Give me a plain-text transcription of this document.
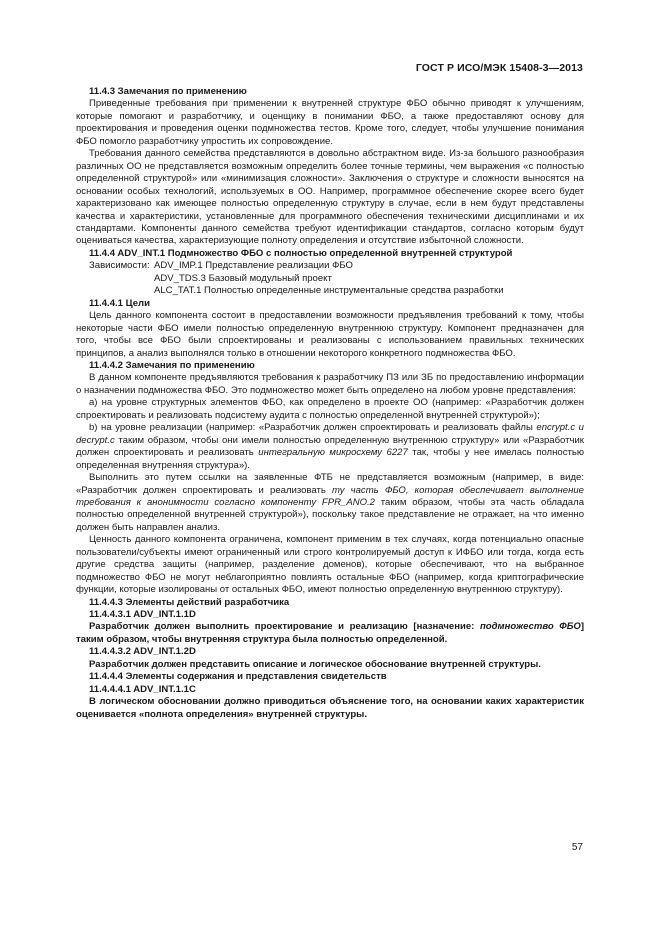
ГОСТ Р ИСО/МЭК 15408-3—2013

11.4.3 Замечания по применению

Приведенные требования при применении к внутренней структуре ФБО обычно приводят к улучшениям, которые помогают и разработчику, и оценщику в понимании ФБО, а также предоставляют основу для проектирования и проведения оценки подмножества тестов. Кроме того, следует, чтобы улучшение понимания ФБО помогло разработчику упростить их сопровождение.

Требования данного семейства представляются в довольно абстрактном виде. Из-за большого разнообразия различных ОО не представляется возможным определить более точные термины, чем выражения «с полностью определенной структурой» или «минимизация сложности». Заключения о структуре и сложности выносятся на основании особых технологий, используемых в ОО. Например, программное обеспечение скорее всего будет характеризовано как имеющее полностью определенную структуру в случае, если в нем будут представлены качества и характеристики, установленные для программного обеспечения техническими дисциплинами и их стандартами. Компоненты данного семейства требуют идентификации стандартов, согласно которым будут оцениваться качества, характеризующие полноту определения и отсутствие избыточной сложности.

11.4.4 ADV_INT.1 Подмножество ФБО с полностью определенной внутренней структурой

Зависимости: ADV_IMP.1 Представление реализации ФБО
ADV_TDS.3 Базовый модульный проект
ALC_TAT.1 Полностью определенные инструментальные средства разработки

11.4.4.1 Цели

Цель данного компонента состоит в предоставлении возможности предъявления требований к тому, чтобы некоторые части ФБО имели полностью определенную внутреннюю структуру. Компонент предназначен для того, чтобы все ФБО были спроектированы и реализованы с использованием правильных технических принципов, а анализ выполнялся только в отношении некоторого конкретного подмножества ФБО.

11.4.4.2 Замечания по применению

В данном компоненте предъявляются требования к разработчику ПЗ или ЗБ по предоставлению информации о назначении подмножества ФБО. Это подмножество может быть определено на любом уровне представления:

а) на уровне структурных элементов ФБО, как определено в проекте ОО (например: «Разработчик должен спроектировать и реализовать подсистему аудита с полностью определенной внутренней структурой»);

b) на уровне реализации (например: «Разработчик должен спроектировать и реализовать файлы encrypt.c и decrypt.c таким образом, чтобы они имели полностью определенную внутреннюю структуру» или «Разработчик должен спроектировать и реализовать интегральную микросхему 6227 так, чтобы у нее имелась полностью определенная внутренняя структура»).

Выполнить это путем ссылки на заявленные ФТБ не представляется возможным (например, в виде: «Разработчик должен спроектировать и реализовать ту часть ФБО, которая обеспечивает выполнение требования к анонимности согласно компоненту FPR_ANO.2 таким образом, чтобы эта часть обладала полностью определенной внутренней структурой»), поскольку такое представление не отражает, на что именно должен быть направлен анализ.

Ценность данного компонента ограничена, компонент применим в тех случаях, когда потенциально опасные пользователи/субъекты имеют ограниченный или строго контролируемый доступ к ИФБО или тогда, когда есть другие средства защиты (например, разделение доменов), которые обеспечивают, что на выбранное подмножество ФБО не могут неблагоприятно повлиять остальные ФБО (например, когда криптографические функции, которые изолированы от остальных ФБО, имеют полностью определенную внутреннюю структуру).

11.4.4.3 Элементы действий разработчика

11.4.4.3.1 ADV_INT.1.1D

Разработчик должен выполнить проектирование и реализацию [назначение: подмножество ФБО] таким образом, чтобы внутренняя структура была полностью определенной.

11.4.4.3.2 ADV_INT.1.2D

Разработчик должен представить описание и логическое обоснование внутренней структуры.

11.4.4.4 Элементы содержания и представления свидетельств

11.4.4.4.1 ADV_INT.1.1C

В логическом обосновании должно приводиться объяснение того, на основании каких характеристик оценивается «полнота определения» внутренней структуры.

57
